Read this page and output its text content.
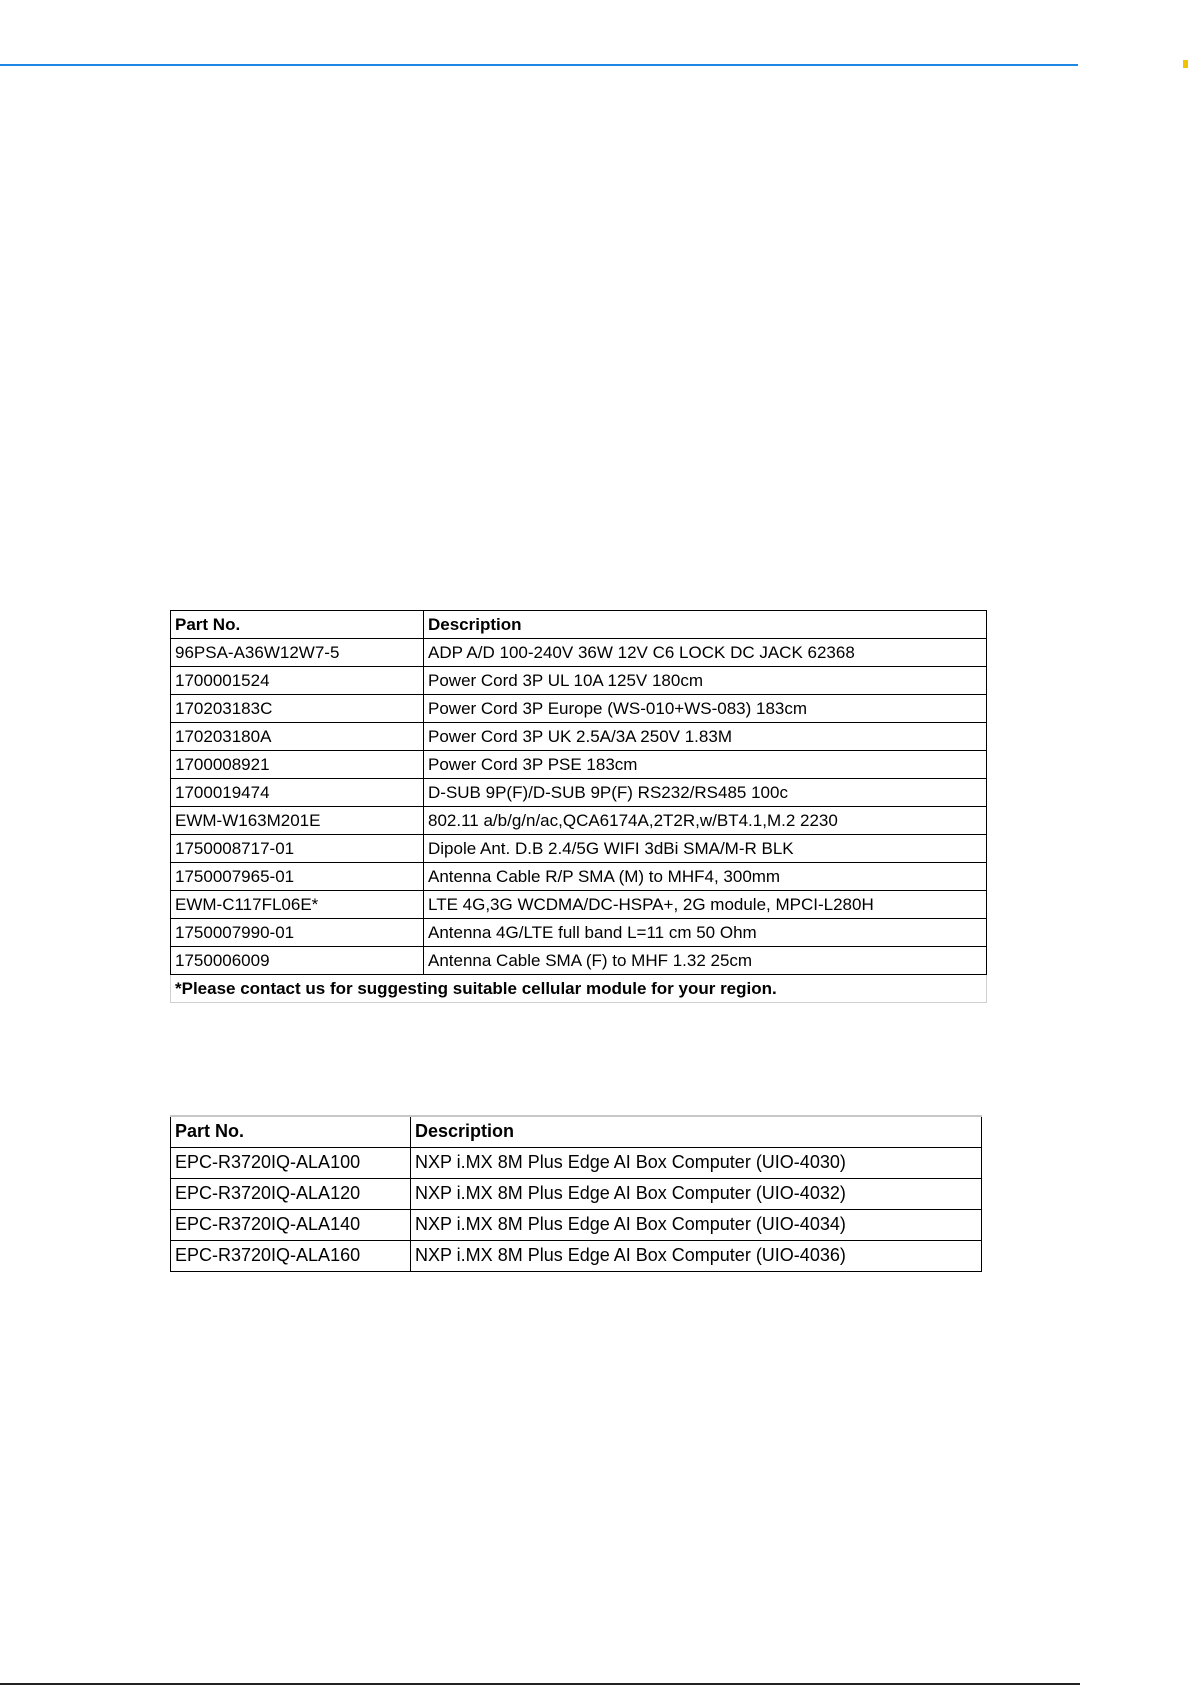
Part No.	Description
96PSA-A36W12W7-5	ADP A/D 100-240V 36W 12V C6 LOCK DC JACK 62368
1700001524	Power Cord 3P UL 10A 125V 180cm
170203183C	Power Cord 3P Europe (WS-010+WS-083) 183cm
170203180A	Power Cord 3P UK 2.5A/3A 250V 1.83M
1700008921	Power Cord 3P PSE 183cm
1700019474	D-SUB 9P(F)/D-SUB 9P(F) RS232/RS485 100c
EWM-W163M201E	802.11 a/b/g/n/ac,QCA6174A,2T2R,w/BT4.1,M.2 2230
1750008717-01	Dipole Ant. D.B 2.4/5G WIFI 3dBi SMA/M-R BLK
1750007965-01	Antenna Cable R/P SMA (M) to MHF4, 300mm
EWM-C117FL06E*	LTE 4G,3G WCDMA/DC-HSPA+, 2G module, MPCI-L280H
1750007990-01	Antenna 4G/LTE full band L=11 cm 50 Ohm
1750006009	Antenna Cable SMA (F) to MHF 1.32 25cm
*Please contact us for suggesting suitable cellular module for your region.	
Part No.	Description
EPC-R3720IQ-ALA100	NXP i.MX 8M Plus Edge AI Box Computer (UIO-4030)
EPC-R3720IQ-ALA120	NXP i.MX 8M Plus Edge AI Box Computer (UIO-4032)
EPC-R3720IQ-ALA140	NXP i.MX 8M Plus Edge AI Box Computer (UIO-4034)
EPC-R3720IQ-ALA160	NXP i.MX 8M Plus Edge AI Box Computer (UIO-4036)
